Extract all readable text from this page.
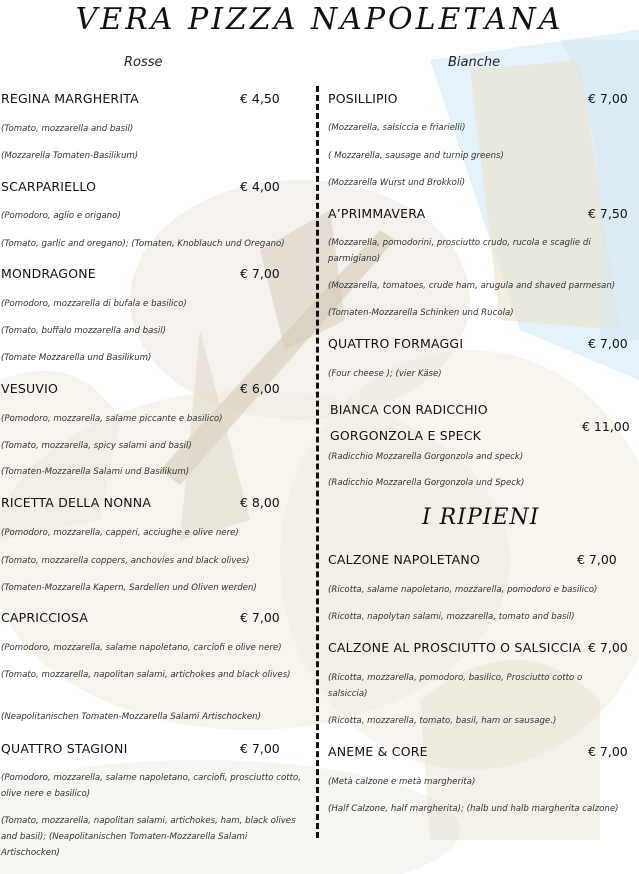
VERA PIZZA NAPOLETANA
Rosse	Bianche
REGINA MARGHERITA	€ 4,50
(Tomato, mozzarella and basil)
(Mozzarella Tomaten-Basilikum)
SCARPARIELLO	€ 4,00
(Pomodoro, aglio e origano)
(Tomato, garlic and oregano); (Tomaten, Knoblauch und Oregano)
MONDRAGONE	€ 7,00
(Pomodoro, mozzarella di bufala e basilico)
(Tomato, buffalo mozzarella and basil)
(Tomate Mozzarella und Basilikum)
VESUVIO	€ 6,00
(Pomodoro, mozzarella, salame piccante e basilico)
(Tomato, mozzarella, spicy salami and basil)
(Tomaten-Mozzarella Salami und Basilikum)
RICETTA DELLA NONNA	€ 8,00
(Pomodoro, mozzarella, capperi, acciughe e olive nere)
(Tomato, mozzarella coppers, anchovies and black olives)
(Tomaten-Mozzarella Kapern, Sardellen und Oliven werden)
CAPRICCIOSA	€ 7,00
(Pomodoro, mozzarella, salame napoletano, carciofi e olive nere)
(Tomato, mozzarella, napolitan salami, artichokes and black olives)
(Neapolitanischen Tomaten-Mozzarella Salami Artischocken)
QUATTRO STAGIONI	€ 7,00
(Pomodoro, mozzarella, salame napoletano, carciofi, prosciutto cotto, olive nere e basilico)
(Tomato, mozzarella, napolitan salami, artichokes, ham, black olives and basil); (Neapolitanischen Tomaten-Mozzarella Salami Artischocken)
POSILLIPIO	€ 7,00
(Mozzarella, salsiccia e friarielli)
( Mozzarella, sausage and turnip greens)
(Mozzarella Wurst und Brokkoli)
A’PRIMMAVERA	€ 7,50
(Mozzarella, pomodorini, prosciutto crudo, rucola e scaglie di parmigiano)
(Mozzarella, tomatoes, crude ham, arugula and shaved parmesan)
(Tomaten-Mozzarella Schinken und Rucola)
QUATTRO FORMAGGI	€ 7,00
(Four cheese ); (vier Käse)
BIANCA CON RADICCHIO GORGONZOLA E SPECK
€ 11,00
(Radicchio Mozzarella Gorgonzola and speck)
(Radicchio Mozzarella Gorgonzola und Speck)
I RIPIENI
CALZONE NAPOLETANO	€ 7,00
(Ricotta, salame napoletano, mozzarella, pomodoro e basilico)
(Ricotta, napolytan salami, mozzarella, tomato and basil)
CALZONE AL PROSCIUTTO O SALSICCIA € 7,00
(Ricotta, mozzarella, pomodoro, basilico, Prosciutto cotto o salsiccia)
(Ricotta, mozzarella, tomato, basil, ham or sausage.)
ANEME & CORE	€ 7,00
(Metà calzone e metà margherita)
(Half Calzone, half margherita); (halb und halb margherita calzone)
